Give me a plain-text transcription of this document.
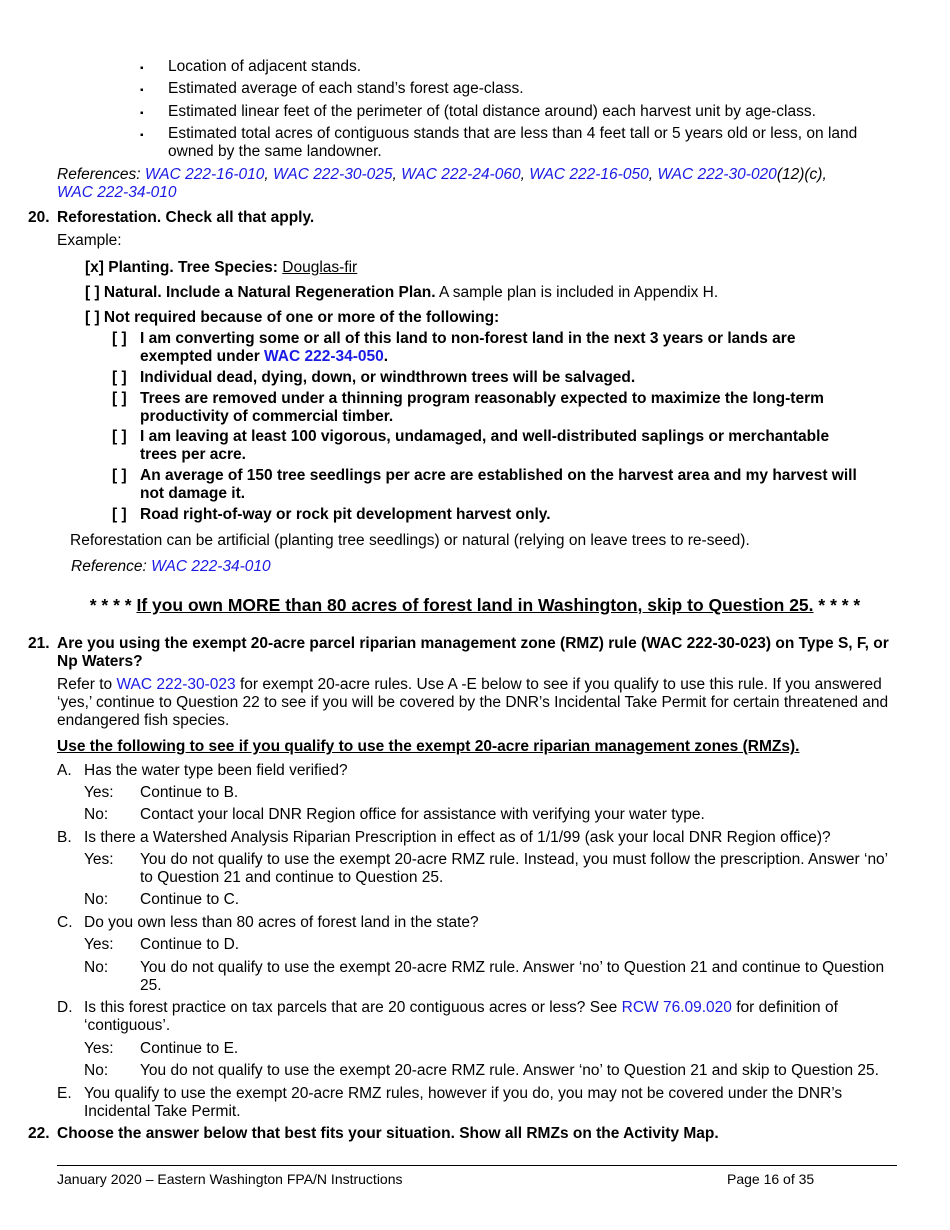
▪ Location of adjacent stands.
▪ Estimated average of each stand’s forest age-class.
▪ Estimated linear feet of the perimeter of (total distance around) each harvest unit by age-class.
▪ Estimated total acres of contiguous stands that are less than 4 feet tall or 5 years old or less, on land owned by the same landowner.
References: WAC 222-16-010, WAC 222-30-025, WAC 222-24-060, WAC 222-16-050, WAC 222-30-020(12)(c),
WAC 222-34-010
20. Reforestation. Check all that apply.
Example:
[x] Planting. Tree Species: Douglas-fir
[ ] Natural. Include a Natural Regeneration Plan. A sample plan is included in Appendix H.
[ ] Not required because of one or more of the following:
[ ] I am converting some or all of this land to non-forest land in the next 3 years or lands are exempted under WAC 222-34-050.
[ ] Individual dead, dying, down, or windthrown trees will be salvaged.
[ ] Trees are removed under a thinning program reasonably expected to maximize the long-term productivity of commercial timber.
[ ] I am leaving at least 100 vigorous, undamaged, and well-distributed saplings or merchantable trees per acre.
[ ] An average of 150 tree seedlings per acre are established on the harvest area and my harvest will not damage it.
[ ] Road right-of-way or rock pit development harvest only.
Reforestation can be artificial (planting tree seedlings) or natural (relying on leave trees to re-seed).
Reference: WAC 222-34-010
* * * * If you own MORE than 80 acres of forest land in Washington, skip to Question 25. * * * *
21. Are you using the exempt 20-acre parcel riparian management zone (RMZ) rule (WAC 222-30-023) on Type S, F, or Np Waters?
Refer to WAC 222-30-023 for exempt 20-acre rules. Use A -E below to see if you qualify to use this rule. If you answered ‘yes,’ continue to Question 22 to see if you will be covered by the DNR’s Incidental Take Permit for certain threatened and endangered fish species.
Use the following to see if you qualify to use the exempt 20-acre riparian management zones (RMZs).
A. Has the water type been field verified?
Yes: Continue to B.
No: Contact your local DNR Region office for assistance with verifying your water type.
B. Is there a Watershed Analysis Riparian Prescription in effect as of 1/1/99 (ask your local DNR Region office)?
Yes: You do not qualify to use the exempt 20-acre RMZ rule. Instead, you must follow the prescription. Answer ‘no’ to Question 21 and continue to Question 25.
No: Continue to C.
C. Do you own less than 80 acres of forest land in the state?
Yes: Continue to D.
No: You do not qualify to use the exempt 20-acre RMZ rule. Answer ‘no’ to Question 21 and continue to Question 25.
D. Is this forest practice on tax parcels that are 20 contiguous acres or less? See RCW 76.09.020 for definition of ‘contiguous’.
Yes: Continue to E.
No: You do not qualify to use the exempt 20-acre RMZ rule. Answer ‘no’ to Question 21 and skip to Question 25.
E. You qualify to use the exempt 20-acre RMZ rules, however if you do, you may not be covered under the DNR’s Incidental Take Permit.
22. Choose the answer below that best fits your situation. Show all RMZs on the Activity Map.
January 2020 – Eastern Washington FPA/N Instructions	Page 16 of 35
